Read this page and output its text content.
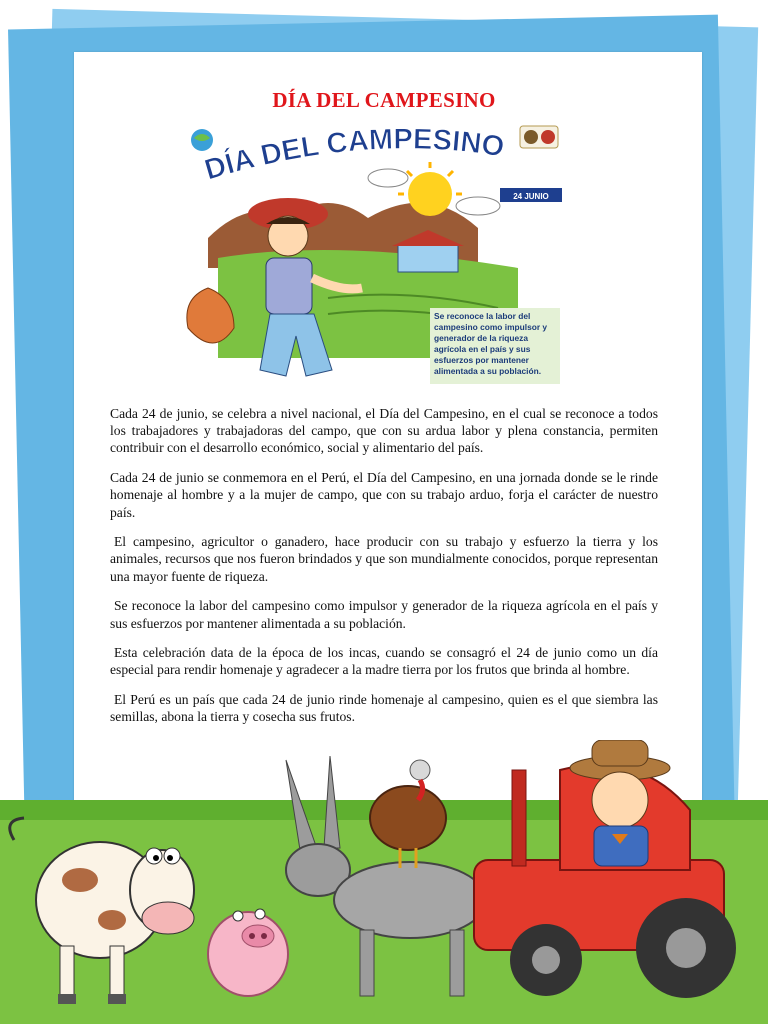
DÍA DEL CAMPESINO
DÍA DEL CAMPESINO
24 JUNIO
Se reconoce la labor del
campesino como impulsor y
generador de la riqueza
agrícola en el país y sus
esfuerzos por mantener
alimentada a su población.

Cada 24 de junio, se celebra a nivel nacional, el Día del Campesino, en el cual se reconoce a todos los trabajadores y trabajadoras del campo, que con su ardua labor y plena constancia, permiten contribuir con el desarrollo económico, social y alimentario del país.

Cada 24 de junio se conmemora en el Perú, el Día del Campesino, en una jornada donde se le rinde homenaje al hombre y a la mujer de campo, que con su trabajo arduo, forja el carácter de nuestro país.

El campesino, agricultor o ganadero, hace producir con su trabajo y esfuerzo la tierra y los animales, recursos que nos fueron brindados y que son mundialmente conocidos, porque representan una mayor fuente de riqueza.

Se reconoce la labor del campesino como impulsor y generador de la riqueza agrícola en el país y sus esfuerzos por mantener alimentada a su población.

Esta celebración data de la época de los incas, cuando se consagró el 24 de junio como un día especial para rendir homenaje y agradecer a la madre tierra por los frutos que brinda al hombre.

El Perú es un país que cada 24 de junio rinde homenaje al campesino, quien es el que siembra las semillas, abona la tierra y cosecha sus frutos.
